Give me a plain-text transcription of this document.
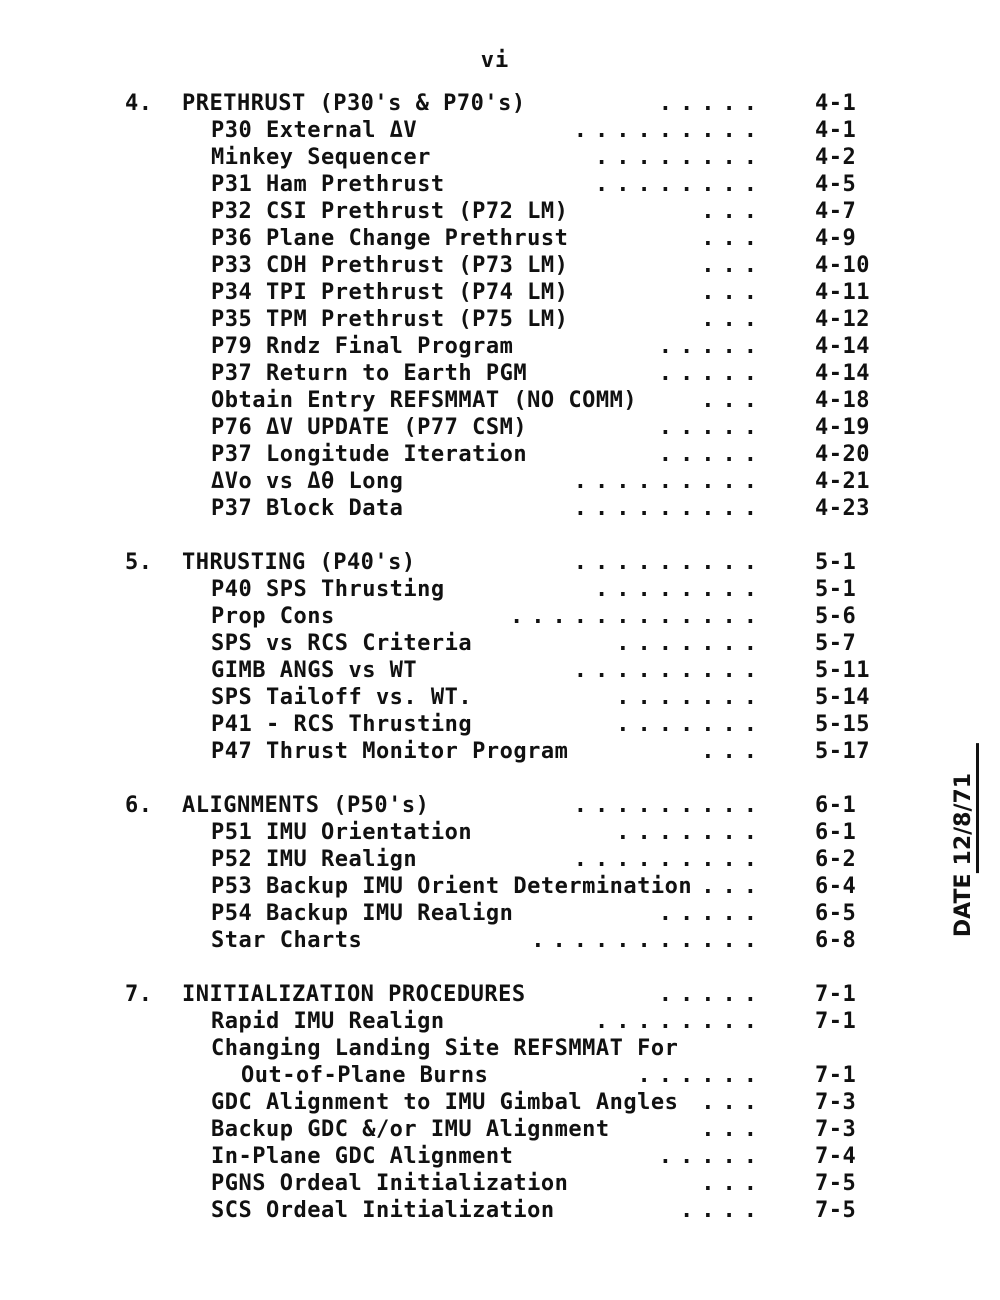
vi
4.	PRETHRUST (P30's & P70's)	..... 4-1
P30 External ΔV	......... 4-1
Minkey Sequencer	........ 4-2
P31 Ham Prethrust	........ 4-5
P32 CSI Prethrust (P72 LM)	... 4-7
P36 Plane Change Prethrust	... 4-9
P33 CDH Prethrust (P73 LM)	... 4-10
P34 TPI Prethrust (P74 LM)	... 4-11
P35 TPM Prethrust (P75 LM)	... 4-12
P79 Rndz Final Program	..... 4-14
P37 Return to Earth PGM	..... 4-14
Obtain Entry REFSMMAT (NO COMM)	... 4-18
P76 ΔV UPDATE (P77 CSM)	..... 4-19
P37 Longitude Iteration	..... 4-20
ΔVo vs Δθ Long	......... 4-21
P37 Block Data	......... 4-23
5.	THRUSTING (P40's)	......... 5-1
P40 SPS Thrusting	........ 5-1
Prop Cons	............ 5-6
SPS vs RCS Criteria	....... 5-7
GIMB ANGS vs WT	......... 5-11
SPS Tailoff vs. WT.	....... 5-14
P41 - RCS Thrusting	....... 5-15
P47 Thrust Monitor Program	... 5-17
6.	ALIGNMENTS (P50's)	......... 6-1
P51 IMU Orientation	....... 6-1
P52 IMU Realign	......... 6-2
P53 Backup IMU Orient Determination ... 6-4
P54 Backup IMU Realign	..... 6-5
Star Charts	........... 6-8
7.	INITIALIZATION PROCEDURES	..... 7-1
Rapid IMU Realign	........ 7-1
Changing Landing Site REFSMMAT For
Out-of-Plane Burns	...... 7-1
GDC Alignment to IMU Gimbal Angles ... 7-3
Backup GDC &/or IMU Alignment	... 7-3
In-Plane GDC Alignment	..... 7-4
PGNS Ordeal Initialization	... 7-5
SCS Ordeal Initialization	.... 7-5
DATE12/8/71
